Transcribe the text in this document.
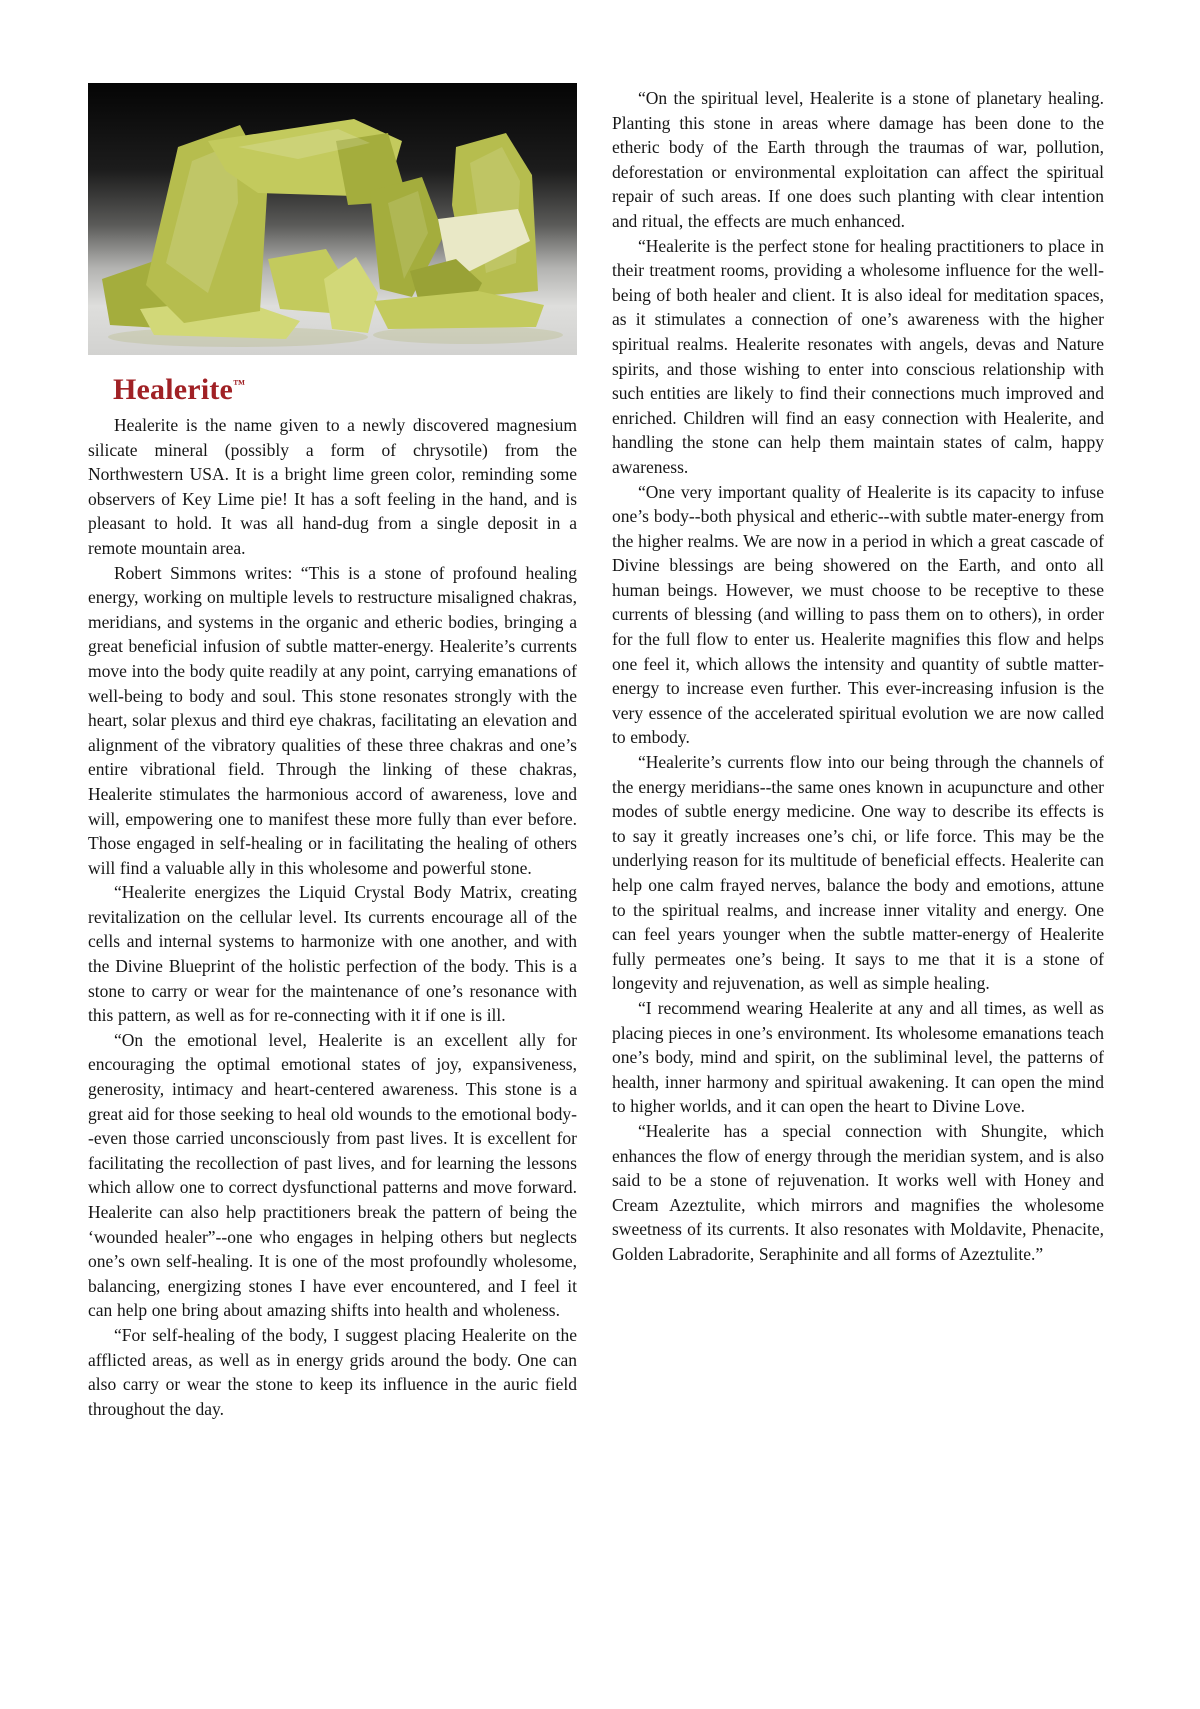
Healerite™

Healerite is the name given to a newly discovered magnesium silicate mineral (possibly a form of chrysotile) from the Northwestern USA. It is a bright lime green color, reminding some observers of Key Lime pie! It has a soft feeling in the hand, and is pleasant to hold. It was all hand-dug from a single deposit in a remote mountain area.

Robert Simmons writes: “This is a stone of profound healing energy, working on multiple levels to restructure misaligned chakras, meridians, and systems in the organic and etheric bodies, bringing a great beneficial infusion of subtle matter-energy. Healerite’s currents move into the body quite readily at any point, carrying emanations of well-being to body and soul. This stone resonates strongly with the heart, solar plexus and third eye chakras, facilitating an elevation and alignment of the vibratory qualities of these three chakras and one’s entire vibrational field. Through the linking of these chakras, Healerite stimulates the harmonious accord of awareness, love and will, empowering one to manifest these more fully than ever before. Those engaged in self-healing or in facilitating the healing of others will find a valuable ally in this wholesome and powerful stone.

“Healerite energizes the Liquid Crystal Body Matrix, creating revitalization on the cellular level. Its currents encourage all of the cells and internal systems to harmonize with one another, and with the Divine Blueprint of the holistic perfection of the body. This is a stone to carry or wear for the maintenance of one’s resonance with this pattern, as well as for re-connecting with it if one is ill.

“On the emotional level, Healerite is an excellent ally for encouraging the optimal emotional states of joy, expansiveness, generosity, intimacy and heart-centered awareness. This stone is a great aid for those seeking to heal old wounds to the emotional body--even those carried unconsciously from past lives. It is excellent for facilitating the recollection of past lives, and for learning the lessons which allow one to correct dysfunctional patterns and move forward. Healerite can also help practitioners break the pattern of being the ‘wounded healer”--one who engages in helping others but neglects one’s own self-healing. It is one of the most profoundly wholesome, balancing, energizing stones I have ever encountered, and I feel it can help one bring about amazing shifts into health and wholeness.

“For self-healing of the body, I suggest placing Healerite on the afflicted areas, as well as in energy grids around the body. One can also carry or wear the stone to keep its influence in the auric field throughout the day.

“On the spiritual level, Healerite is a stone of planetary healing. Planting this stone in areas where damage has been done to the etheric body of the Earth through the traumas of war, pollution, deforestation or environmental exploitation can affect the spiritual repair of such areas. If one does such planting with clear intention and ritual, the effects are much enhanced.

“Healerite is the perfect stone for healing practitioners to place in their treatment rooms, providing a wholesome influence for the well-being of both healer and client. It is also ideal for meditation spaces, as it stimulates a connection of one’s awareness with the higher spiritual realms. Healerite resonates with angels, devas and Nature spirits, and those wishing to enter into conscious relationship with such entities are likely to find their connections much improved and enriched. Children will find an easy connection with Healerite, and handling the stone can help them maintain states of calm, happy awareness.

“One very important quality of Healerite is its capacity to infuse one’s body--both physical and etheric--with subtle mater-energy from the higher realms. We are now in a period in which a great cascade of Divine blessings are being showered on the Earth, and onto all human beings. However, we must choose to be receptive to these currents of blessing (and willing to pass them on to others), in order for the full flow to enter us. Healerite magnifies this flow and helps one feel it, which allows the intensity and quantity of subtle matter-energy to increase even further. This ever-increasing infusion is the very essence of the accelerated spiritual evolution we are now called to embody.

“Healerite’s currents flow into our being through the channels of the energy meridians--the same ones known in acupuncture and other modes of subtle energy medicine. One way to describe its effects is to say it greatly increases one’s chi, or life force. This may be the underlying reason for its multitude of beneficial effects. Healerite can help one calm frayed nerves, balance the body and emotions, attune to the spiritual realms, and increase inner vitality and energy. One can feel years younger when the subtle matter-energy of Healerite fully permeates one’s being. It says to me that it is a stone of longevity and rejuvenation, as well as simple healing.

“I recommend wearing Healerite at any and all times, as well as placing pieces in one’s environment. Its wholesome emanations teach one’s body, mind and spirit, on the subliminal level, the patterns of health, inner harmony and spiritual awakening. It can open the mind to higher worlds, and it can open the heart to Divine Love.

“Healerite has a special connection with Shungite, which enhances the flow of energy through the meridian system, and is also said to be a stone of rejuvenation. It works well with Honey and Cream Azeztulite, which mirrors and magnifies the wholesome sweetness of its currents. It also resonates with Moldavite, Phenacite, Golden Labradorite, Seraphinite and all forms of Azeztulite.”
